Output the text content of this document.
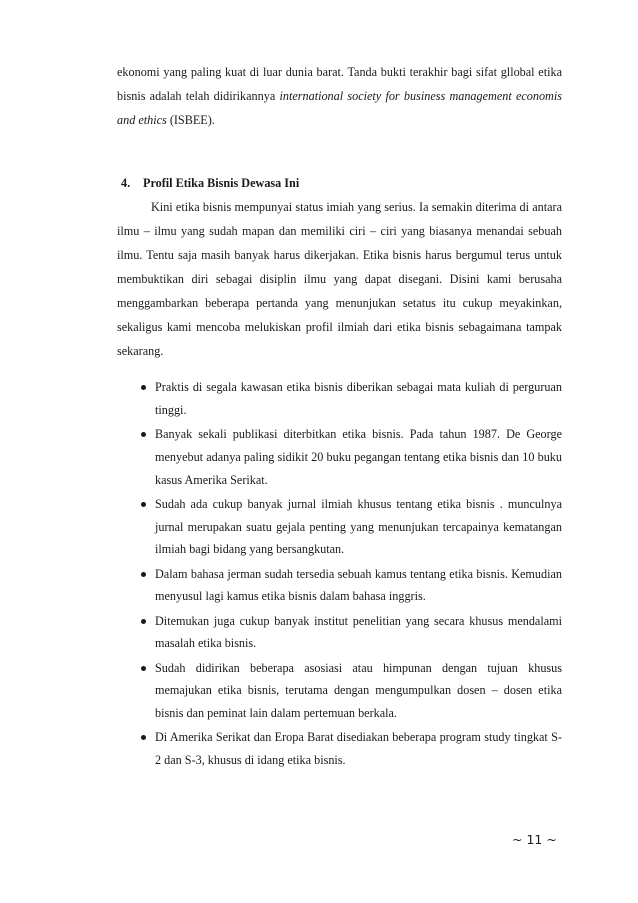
ekonomi yang paling kuat di luar dunia barat. Tanda bukti terakhir bagi sifat gllobal etika bisnis adalah telah didirikannya international society for business management economis and ethics (ISBEE).

4. Profil Etika Bisnis Dewasa Ini

Kini etika bisnis mempunyai status imiah yang serius. Ia semakin diterima di antara ilmu – ilmu yang sudah mapan dan memiliki ciri – ciri yang biasanya menandai sebuah ilmu. Tentu saja masih banyak harus dikerjakan. Etika bisnis harus bergumul terus untuk membuktikan diri sebagai disiplin ilmu yang dapat disegani. Disini kami berusaha menggambarkan beberapa pertanda yang menunjukan setatus itu cukup meyakinkan, sekaligus kami mencoba melukiskan profil ilmiah dari etika bisnis sebagaimana tampak sekarang.

Praktis di segala kawasan etika bisnis diberikan sebagai mata kuliah di perguruan tinggi.
Banyak sekali publikasi diterbitkan etika bisnis. Pada tahun 1987. De George menyebut adanya paling sidikit 20 buku pegangan tentang etika bisnis dan 10 buku kasus Amerika Serikat.
Sudah ada cukup banyak jurnal ilmiah khusus tentang etika bisnis . munculnya jurnal merupakan suatu gejala penting yang menunjukan tercapainya kematangan ilmiah bagi bidang yang bersangkutan.
Dalam bahasa jerman sudah tersedia sebuah kamus tentang etika bisnis. Kemudian menyusul lagi kamus etika bisnis dalam bahasa inggris.
Ditemukan juga cukup banyak institut penelitian yang secara khusus mendalami masalah etika bisnis.
Sudah didirikan beberapa asosiasi atau himpunan dengan tujuan khusus memajukan etika bisnis, terutama dengan mengumpulkan dosen – dosen etika bisnis dan peminat lain dalam pertemuan berkala.
Di Amerika Serikat dan Eropa Barat disediakan beberapa program study tingkat S-2 dan S-3, khusus di idang etika bisnis.
~ 11 ~
